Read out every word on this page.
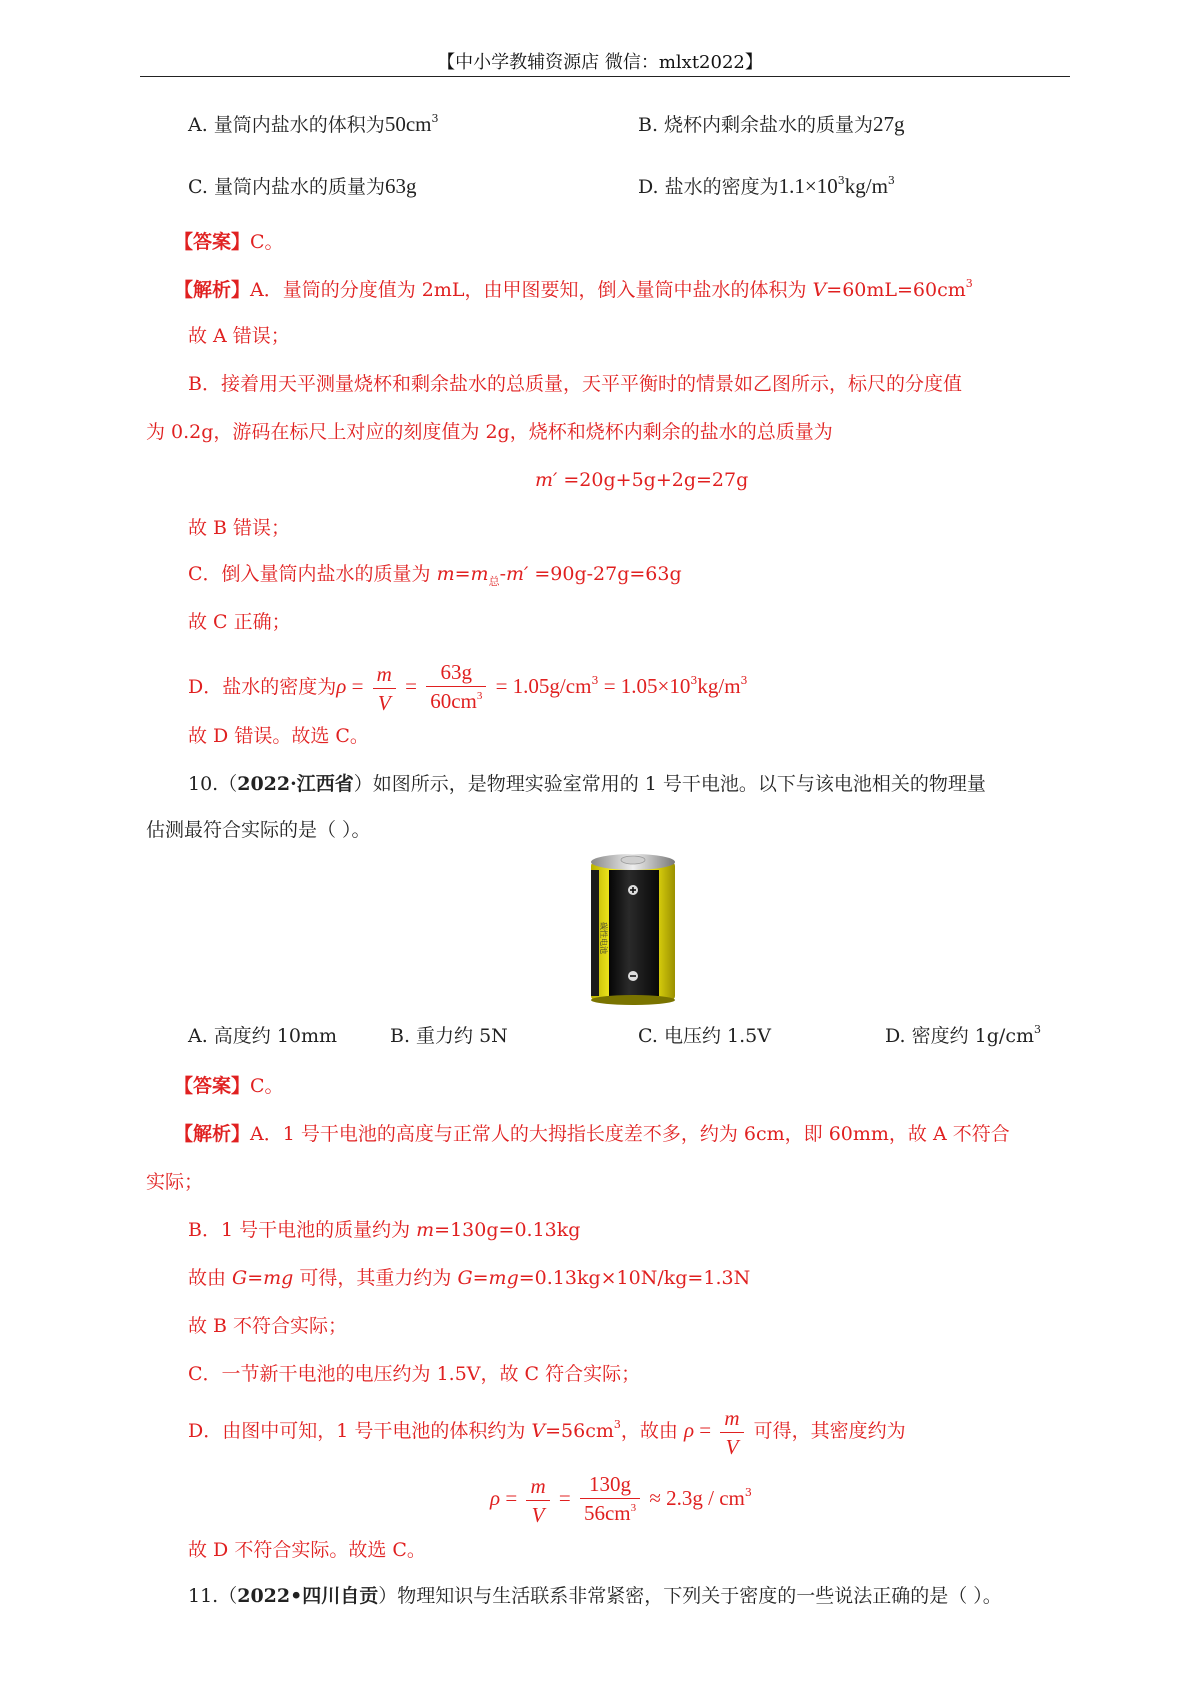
【中小学教辅资源店 微信：mlxt2022】
A. 量筒内盐水的体积为$50cm^3$	B. 烧杯内剩余盐水的质量为27g
C. 量筒内盐水的质量为63g	D. 盐水的密度为$1.1\times 10^3kg/m^3$
【答案】C。
【解析】A．量筒的分度值为 2mL，由甲图要知，倒入量筒中盐水的体积为 $V=60mL=60cm^3$
故 A 错误；
B．接着用天平测量烧杯和剩余盐水的总质量，天平平衡时的情景如乙图所示，标尺的分度值
为 0.2g，游码在标尺上对应的刻度值为 2g，烧杯和烧杯内剩余的盐水的总质量为
m′ =20g+5g+2g=27g
故 B 错误；
C．倒入量筒内盐水的质量为 $m=m_总-m' =90g-27g=63g$
故 C 正确；
D．盐水的密度为$\rho = \frac{m}{V} = \frac{63g}{60cm^3} = 1.05g/cm^3 = 1.05\times 10^3kg/m^3$
故 D 错误。故选 C。
10.（2022·江西省）如图所示，是物理实验室常用的 1 号干电池。以下与该电池相关的物理量
估测最符合实际的是（ ）。
碳性电池
A. 高度约 10mm	B. 重力约 5N	C. 电压约 1.5V	D. 密度约 $1g/cm^3$
【答案】C。
【解析】A．1 号干电池的高度与正常人的大拇指长度差不多，约为 6cm，即 60mm，故 A 不符合
实际；
B．1 号干电池的质量约为 m=130g=0.13kg
故由 G=mg 可得，其重力约为 G=mg=0.13kg×10N/kg=1.3N
故 B 不符合实际；
C．一节新干电池的电压约为 1.5V，故 C 符合实际；
D．由图中可知，1 号干电池的体积约为 $V=56cm^3$，故由 $\rho = \frac{m}{V}$ 可得，其密度约为
$\rho = \frac{m}{V} = \frac{130g}{56cm^3} \approx 2.3g / cm^3$
故 D 不符合实际。故选 C。
11.（2022•四川自贡）物理知识与生活联系非常紧密，下列关于密度的一些说法正确的是（ ）。
